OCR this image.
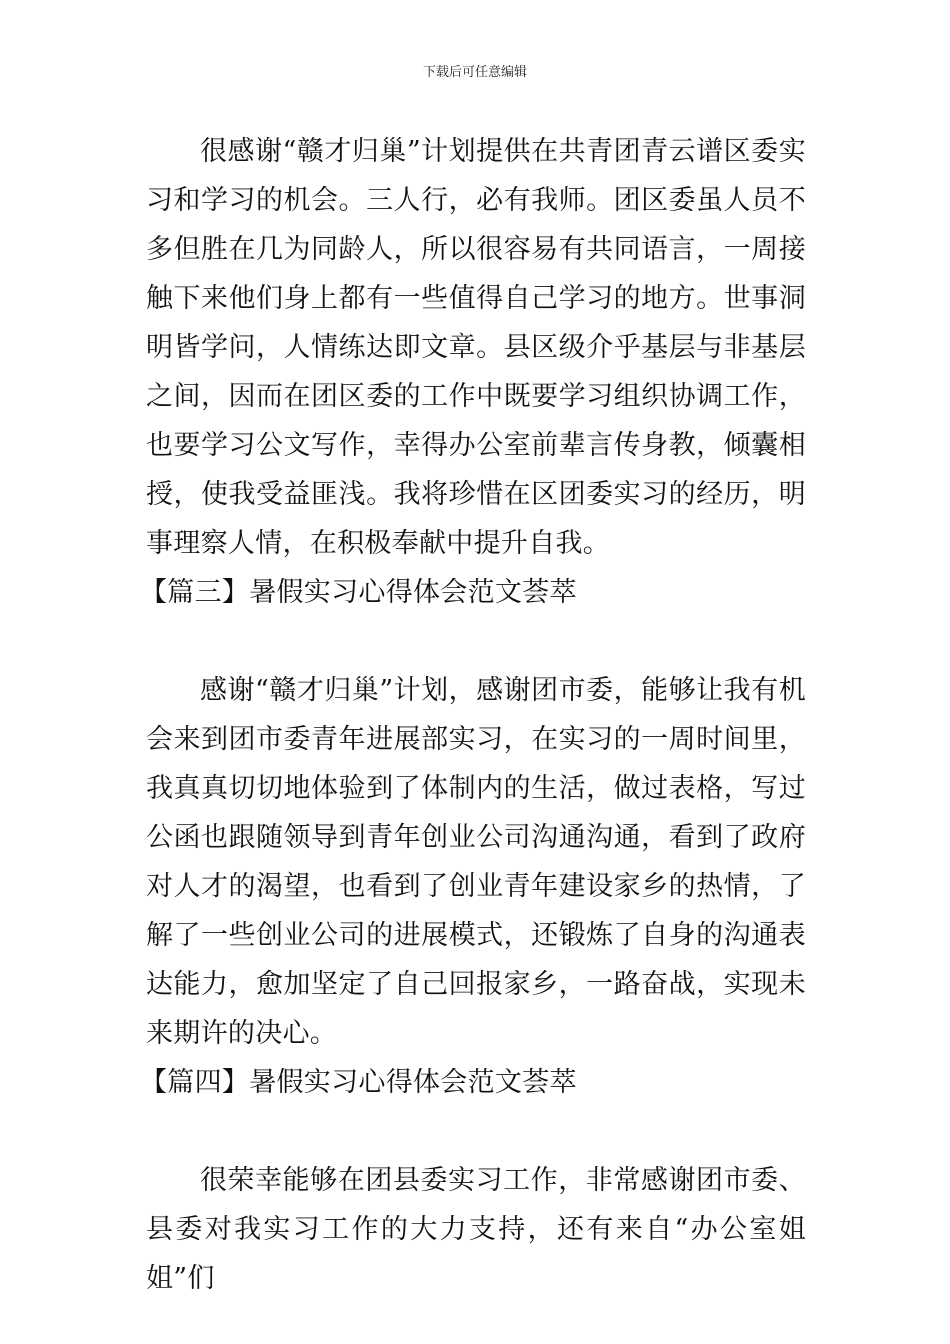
下载后可任意编辑

很感谢“赣才归巢”计划提供在共青团青云谱区委实习和学习的机会。三人行，必有我师。团区委虽人员不多但胜在几为同龄人，所以很容易有共同语言，一周接触下来他们身上都有一些值得自己学习的地方。世事洞明皆学问，人情练达即文章。县区级介乎基层与非基层之间，因而在团区委的工作中既要学习组织协调工作，也要学习公文写作，幸得办公室前辈言传身教，倾囊相授，使我受益匪浅。我将珍惜在区团委实习的经历，明事理察人情，在积极奉献中提升自我。

【篇三】暑假实习心得体会范文荟萃

感谢“赣才归巢”计划，感谢团市委，能够让我有机会来到团市委青年进展部实习，在实习的一周时间里，我真真切切地体验到了体制内的生活，做过表格，写过公函也跟随领导到青年创业公司沟通沟通，看到了政府对人才的渴望，也看到了创业青年建设家乡的热情，了解了一些创业公司的进展模式，还锻炼了自身的沟通表达能力，愈加坚定了自己回报家乡，一路奋战，实现未来期许的决心。

【篇四】暑假实习心得体会范文荟萃

很荣幸能够在团县委实习工作，非常感谢团市委、县委对我实习工作的大力支持，还有来自“办公室姐姐”们
